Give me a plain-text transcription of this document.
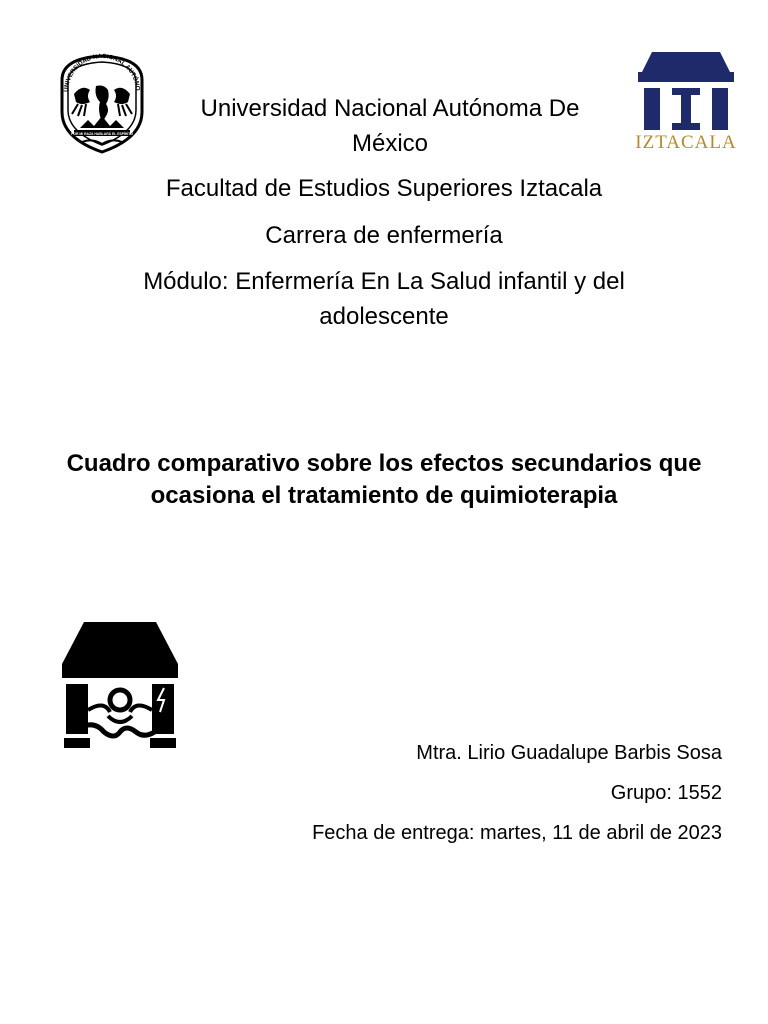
UNIVERSIDAD NACIONAL AUTÓNO
POR MI RAZA HABLARÁ EL ESPÍRITU	IZTACALA

Universidad Nacional Autónoma De México

Facultad de Estudios Superiores Iztacala

Carrera de enfermería

Módulo: Enfermería En La Salud infantil y del adolescente

Cuadro comparativo sobre los efectos secundarios que ocasiona el tratamiento de quimioterapia

Mtra. Lirio Guadalupe Barbis Sosa

Grupo: 1552

Fecha de entrega: martes, 11 de abril de 2023
